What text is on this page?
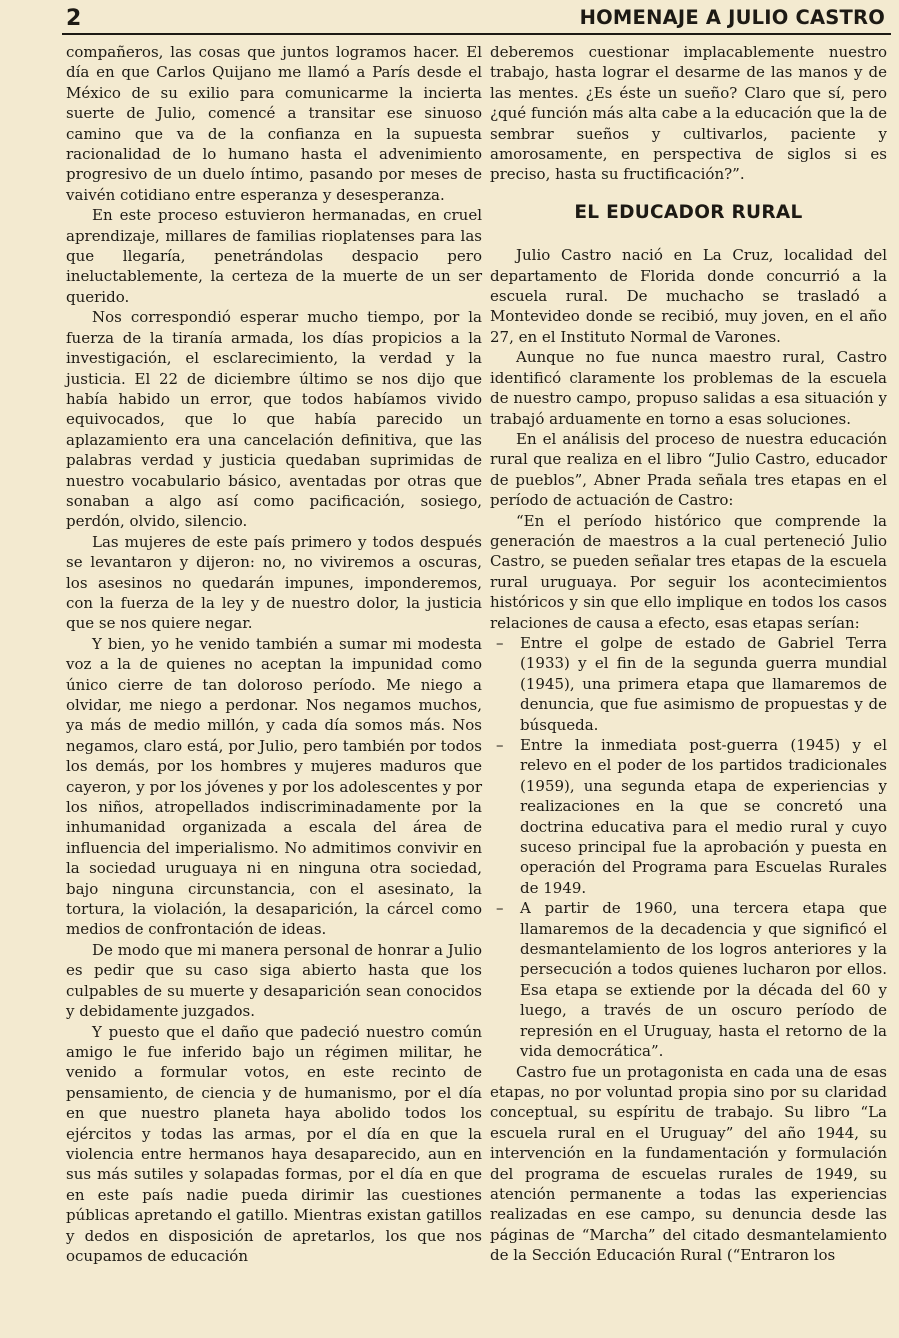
2	HOMENAJE A JULIO CASTRO

compañeros, las cosas que juntos logramos hacer. El día en que Carlos Quijano me llamó a París desde el México de su exilio para comunicarme la incierta suerte de Julio, comencé a transitar ese sinuoso camino que va de la confianza en la supuesta racionalidad de lo humano hasta el advenimiento progresivo de un duelo íntimo, pasando por meses de vaivén cotidiano entre esperanza y desesperanza.

En este proceso estuvieron hermanadas, en cruel aprendizaje, millares de familias rioplatenses para las que llegaría, penetrándolas despacio pero ineluctablemente, la certeza de la muerte de un ser querido.

Nos correspondió esperar mucho tiempo, por la fuerza de la tiranía armada, los días propicios a la investigación, el esclarecimiento, la verdad y la justicia. El 22 de diciembre último se nos dijo que había habido un error, que todos habíamos vivido equivocados, que lo que había parecido un aplazamiento era una cancelación definitiva, que las palabras verdad y justicia quedaban suprimidas de nuestro vocabulario básico, aventadas por otras que sonaban a algo así como pacificación, sosiego, perdón, olvido, silencio.

Las mujeres de este país primero y todos después se levantaron y dijeron: no, no viviremos a oscuras, los asesinos no quedarán impunes, imponderemos, con la fuerza de la ley y de nuestro dolor, la justicia que se nos quiere negar.

Y bien, yo he venido también a sumar mi modesta voz a la de quienes no aceptan la impunidad como único cierre de tan doloroso período. Me niego a olvidar, me niego a perdonar. Nos negamos muchos, ya más de medio millón, y cada día somos más. Nos negamos, claro está, por Julio, pero también por todos los demás, por los hombres y mujeres maduros que cayeron, y por los jóvenes y por los adolescentes y por los niños, atropellados indiscriminadamente por la inhumanidad organizada a escala del área de influencia del imperialismo. No admitimos convivir en la sociedad uruguaya ni en ninguna otra sociedad, bajo ninguna circunstancia, con el asesinato, la tortura, la violación, la desaparición, la cárcel como medios de confrontación de ideas.

De modo que mi manera personal de honrar a Julio es pedir que su caso siga abierto hasta que los culpables de su muerte y desaparición sean conocidos y debidamente juzgados.

Y puesto que el daño que padeció nuestro común amigo le fue inferido bajo un régimen militar, he venido a formular votos, en este recinto de pensamiento, de ciencia y de humanismo, por el día en que nuestro planeta haya abolido todos los ejércitos y todas las armas, por el día en que la violencia entre hermanos haya desaparecido, aun en sus más sutiles y solapadas formas, por el día en que en este país nadie pueda dirimir las cuestiones públicas apretando el gatillo. Mientras existan gatillos y dedos en disposición de apretarlos, los que nos ocupamos de educación

deberemos cuestionar implacablemente nuestro trabajo, hasta lograr el desarme de las manos y de las mentes. ¿Es éste un sueño? Claro que sí, pero ¿qué función más alta cabe a la educación que la de sembrar sueños y cultivarlos, paciente y amorosamente, en perspectiva de siglos si es preciso, hasta su fructificación?”.

EL EDUCADOR RURAL

Julio Castro nació en La Cruz, localidad del departamento de Florida donde concurrió a la escuela rural. De muchacho se trasladó a Montevideo donde se recibió, muy joven, en el año 27, en el Instituto Normal de Varones.

Aunque no fue nunca maestro rural, Castro identificó claramente los problemas de la escuela de nuestro campo, propuso salidas a esa situación y trabajó arduamente en torno a esas soluciones.

En el análisis del proceso de nuestra educación rural que realiza en el libro “Julio Castro, educador de pueblos”, Abner Prada señala tres etapas en el período de actuación de Castro:

“En el período histórico que comprende la generación de maestros a la cual perteneció Julio Castro, se pueden señalar tres etapas de la escuela rural uruguaya. Por seguir los acontecimientos históricos y sin que ello implique en todos los casos relaciones de causa a efecto, esas etapas serían:

– Entre el golpe de estado de Gabriel Terra (1933) y el fin de la segunda guerra mundial (1945), una primera etapa que llamaremos de denuncia, que fue asimismo de propuestas y de búsqueda.
– Entre la inmediata post-guerra (1945) y el relevo en el poder de los partidos tradicionales (1959), una segunda etapa de experiencias y realizaciones en la que se concretó una doctrina educativa para el medio rural y cuyo suceso principal fue la aprobación y puesta en operación del Programa para Escuelas Rurales de 1949.
– A partir de 1960, una tercera etapa que llamaremos de la decadencia y que significó el desmantelamiento de los logros anteriores y la persecución a todos quienes lucharon por ellos. Esa etapa se extiende por la década del 60 y luego, a través de un oscuro período de represión en el Uruguay, hasta el retorno de la vida democrática”.

Castro fue un protagonista en cada una de esas etapas, no por voluntad propia sino por su claridad conceptual, su espíritu de trabajo. Su libro “La escuela rural en el Uruguay” del año 1944, su intervención en la fundamentación y formulación del programa de escuelas rurales de 1949, su atención permanente a todas las experiencias realizadas en ese campo, su denuncia desde las páginas de “Marcha” del citado desmantelamiento de la Sección Educación Rural (“Entraron los
